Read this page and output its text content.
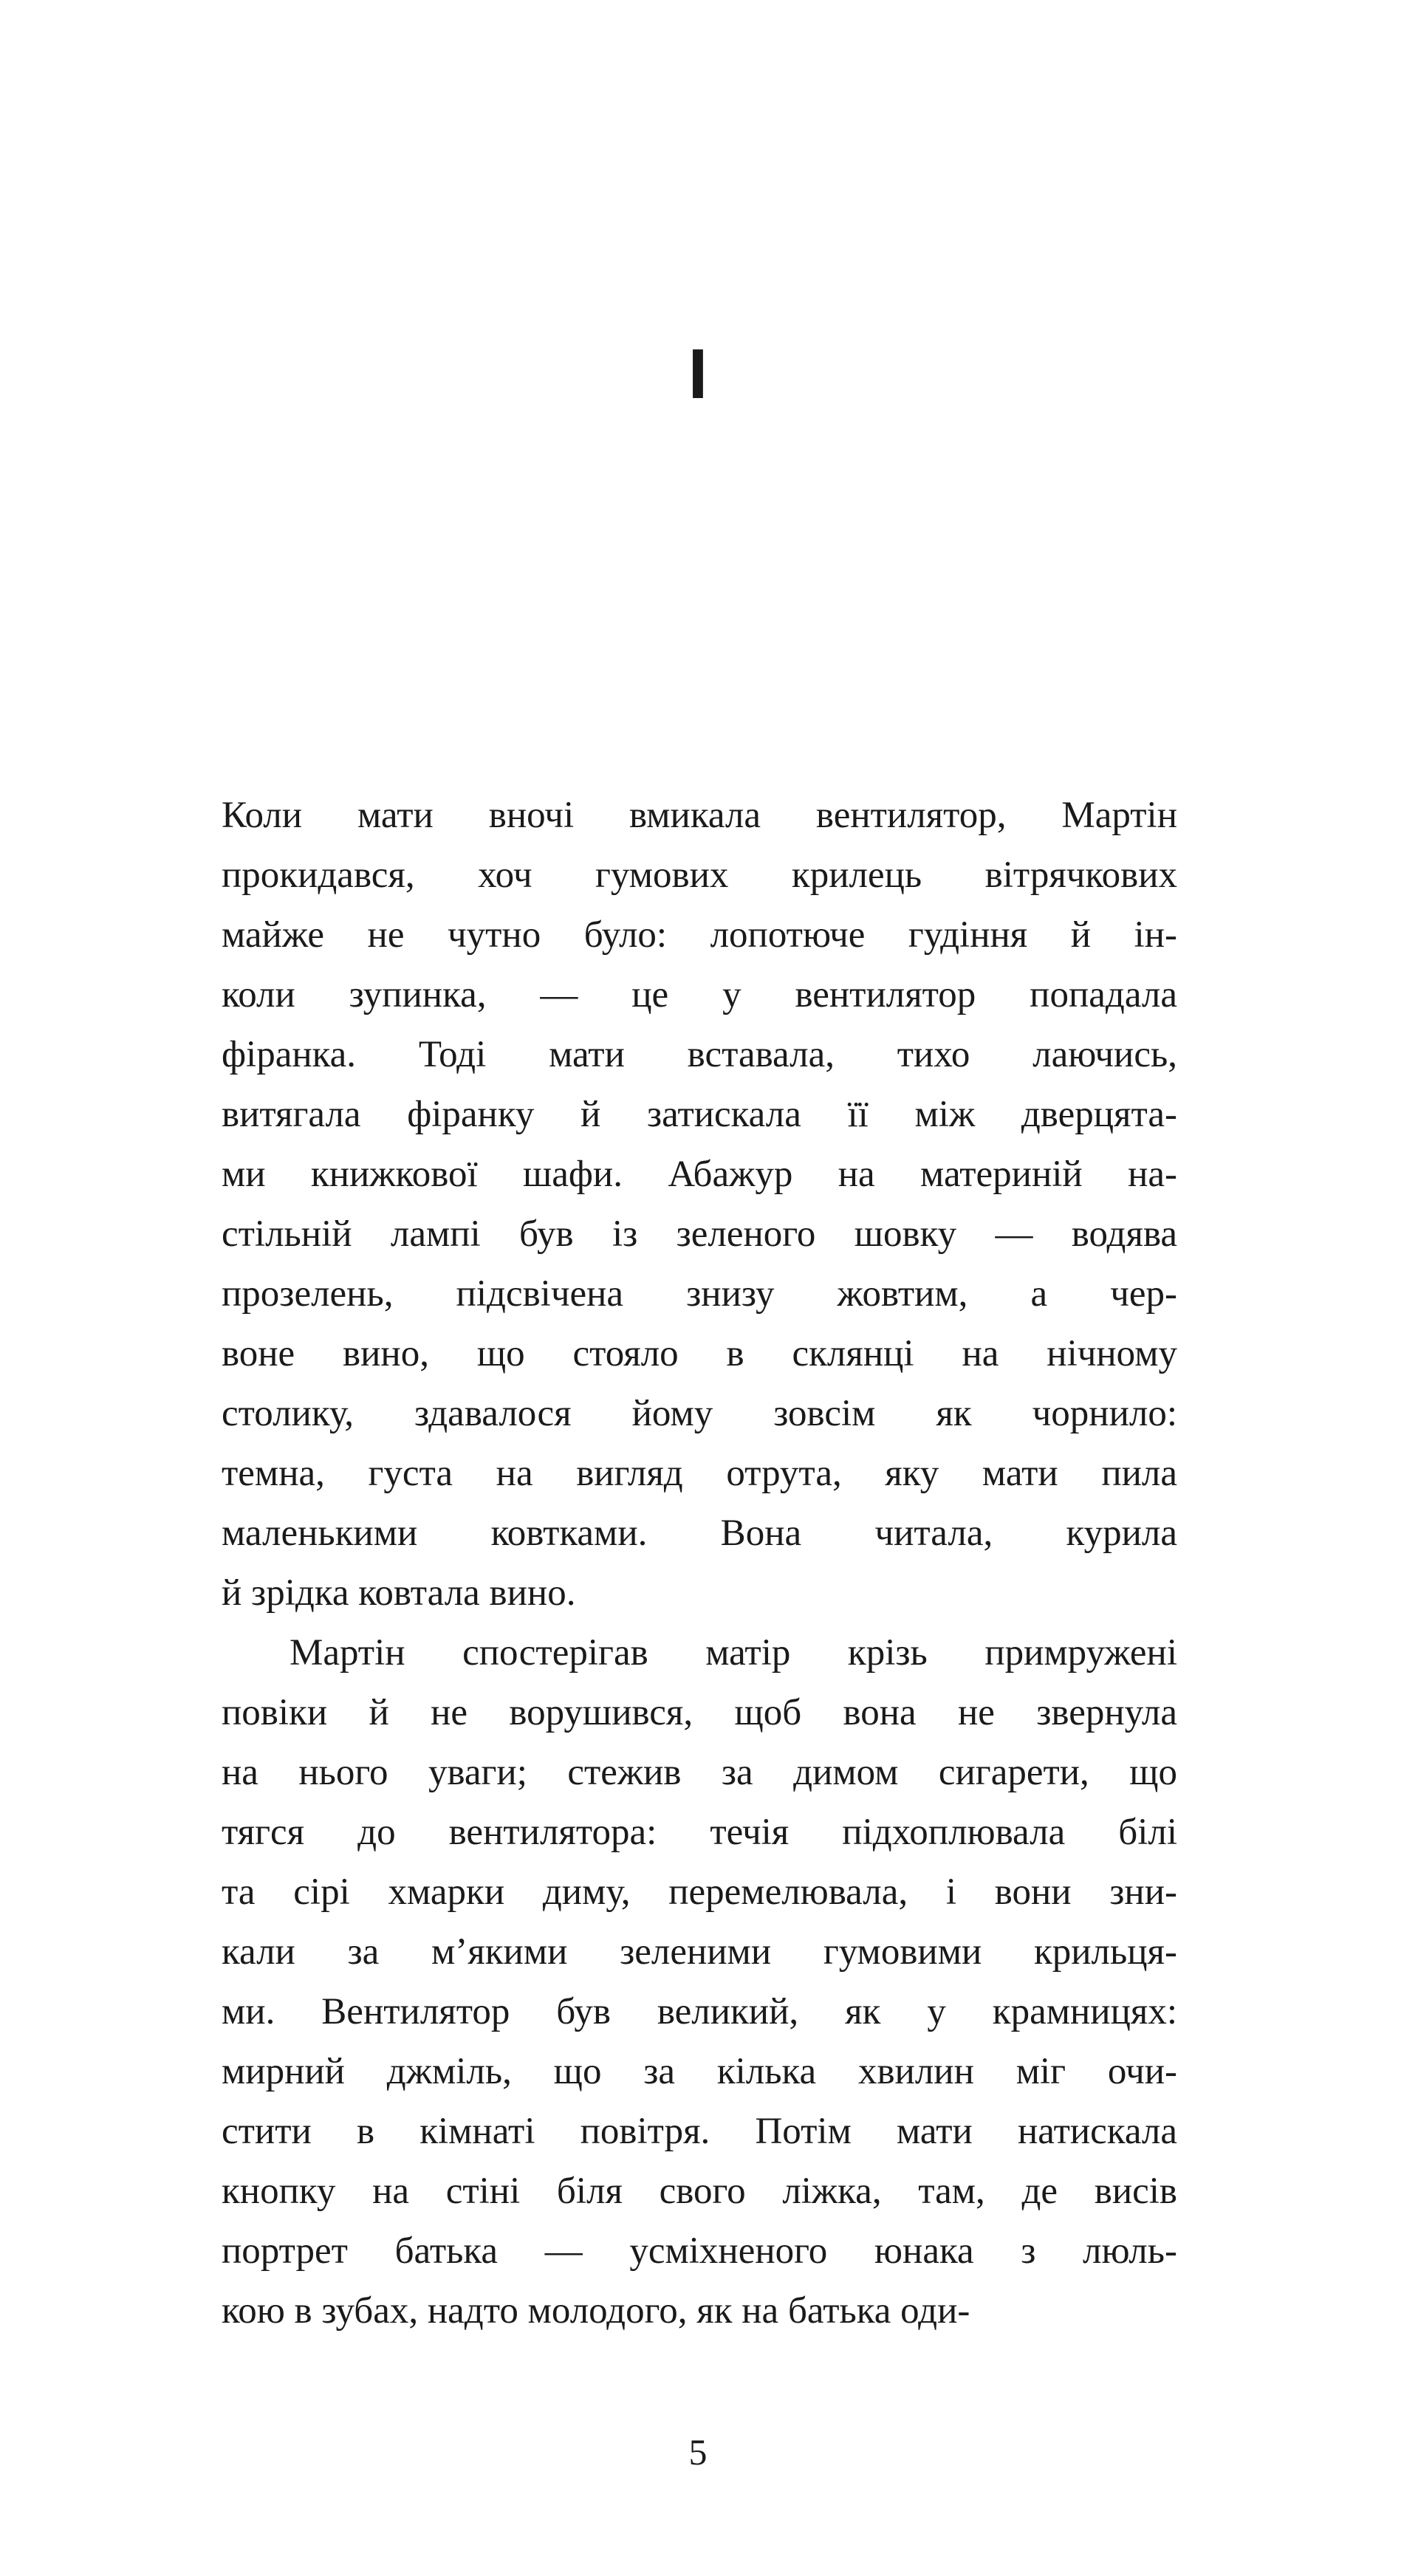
I
Коли мати вночі вмикала вентилятор, Мартін
прокидався, хоч гумових крилець вітрячкових
майже не чутно було: лопотюче гудіння й ін-
коли зупинка, — це у вентилятор попадала
фіранка. Тоді мати вставала, тихо лаючись,
витягала фіранку й затискала її між дверцята-
ми книжкової шафи. Абажур на материній на-
стільній лампі був із зеленого шовку — водява
прозелень, підсвічена знизу жовтим, а чер-
воне вино, що стояло в склянці на нічному
столику, здавалося йому зовсім як чорнило:
темна, густа на вигляд отрута, яку мати пила
маленькими ковтками. Вона читала, курила
й зрідка ковтала вино.
Мартін спостерігав матір крізь примружені
повіки й не ворушився, щоб вона не звернула
на нього уваги; стежив за димом сигарети, що
тягся до вентилятора: течія підхоплювала білі
та сірі хмарки диму, перемелювала, і вони зни-
кали за м’якими зеленими гумовими крильця-
ми. Вентилятор був великий, як у крамницях:
мирний джміль, що за кілька хвилин міг очи-
стити в кімнаті повітря. Потім мати натискала
кнопку на стіні біля свого ліжка, там, де висів
портрет батька — усміхненого юнака з люль-
кою в зубах, надто молодого, як на батька оди-
5
